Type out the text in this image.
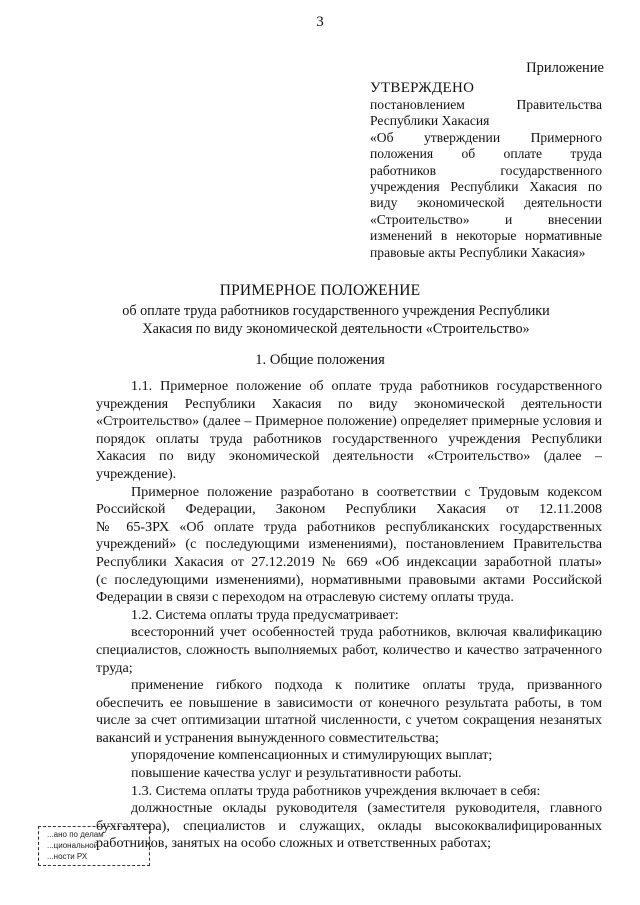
3
Приложение
УТВЕРЖДЕНО
постановлением Правительства
Республики Хакасия
«Об утверждении Примерного
положения об оплате труда
работников государственного
учреждения Республики Хакасия по
виду экономической деятельности
«Строительство» и внесении
изменений в некоторые нормативные
правовые акты Республики Хакасия»
ПРИМЕРНОЕ ПОЛОЖЕНИЕ
об оплате труда работников государственного учреждения Республики
Хакасия по виду экономической деятельности «Строительство»
1. Общие положения
1.1. Примерное положение об оплате труда работников государственного
учреждения Республики Хакасия по виду экономической деятельности
«Строительство» (далее – Примерное положение) определяет примерные условия и
порядок оплаты труда работников государственного учреждения Республики
Хакасия по виду экономической деятельности «Строительство» (далее –
учреждение).
Примерное положение разработано в соответствии с Трудовым кодексом
Российской Федерации, Законом Республики Хакасия от 12.11.2008
№ 65-ЗРХ «Об оплате труда работников республиканских государственных
учреждений» (с последующими изменениями), постановлением Правительства
Республики Хакасия от 27.12.2019 № 669 «Об индексации заработной платы»
(с последующими изменениями), нормативными правовыми актами Российской
Федерации в связи с переходом на отраслевую систему оплаты труда.
1.2. Система оплаты труда предусматривает:
всесторонний учет особенностей труда работников, включая квалификацию
специалистов, сложность выполняемых работ, количество и качество затраченного
труда;
применение гибкого подхода к политике оплаты труда, призванного
обеспечить ее повышение в зависимости от конечного результата работы, в том
числе за счет оптимизации штатной численности, с учетом сокращения незанятых
вакансий и устранения вынужденного совместительства;
упорядочение компенсационных и стимулирующих выплат;
повышение качества услуг и результативности работы.
1.3. Система оплаты труда работников учреждения включает в себя:
должностные оклады руководителя (заместителя руководителя, главного
бухгалтера), специалистов и служащих, оклады высококвалифицированных
работников, занятых на особо сложных и ответственных работах;
...ано по делам
...циональной
...ности РХ
